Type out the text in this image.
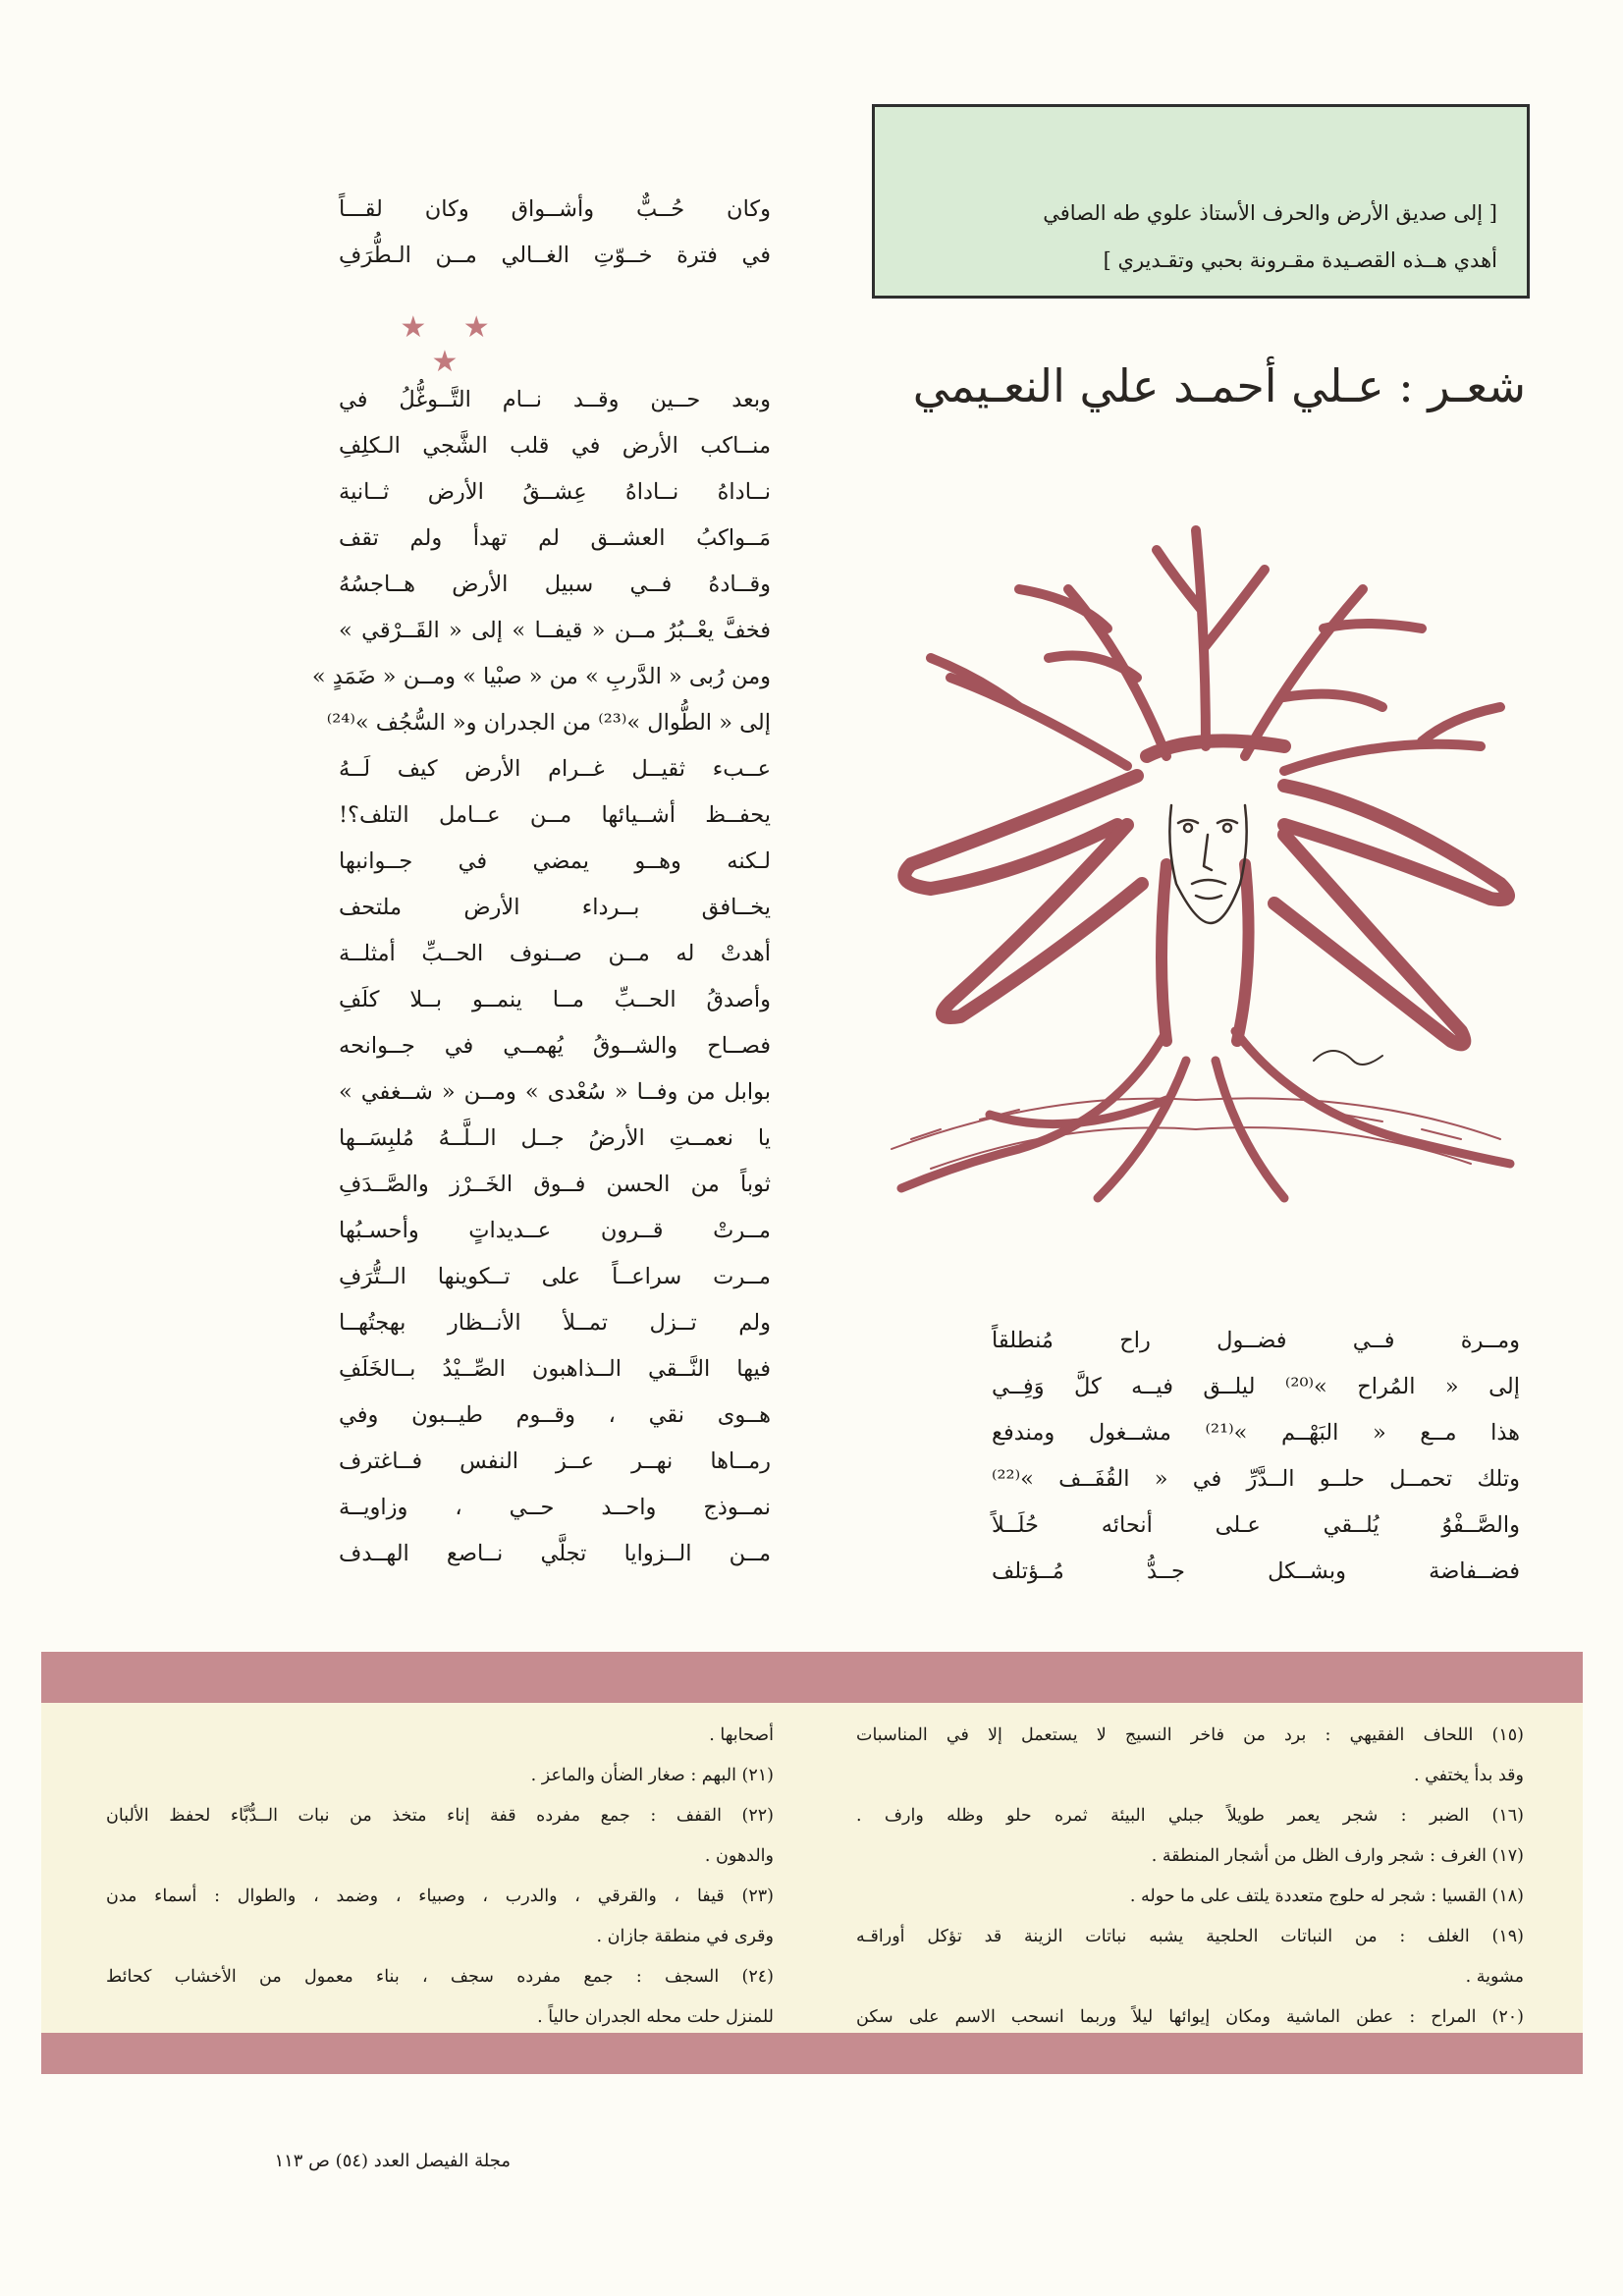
[ إلى صديق الأرض والحرف الأستاذ علوي طه الصافي
أهدي هــذه القصـيدة مقـرونة بحبي وتقـديري ]
شعـر : عـلي أحمـد علي النعـيمي
وكان حُــبٌّ وأشــواق وكان لقـــاً
في فترة خــوّتِ الغــالي مــن الـطُّرَفِ
★ ★ ★
وبعد حــين وقــد نــام التَّــوغُّلُ في
منــاكب الأرض في قلب الشَّجي الـكلِفِ
نــاداهُ نــاداهُ عِشــقُ الأرض ثــانية
مَــواكبُ العشــق لم تهدأ ولم تقف
وقــادهُ فــي سبيل الأرض هــاجسُهُ
فخفَّ يعْــبُرُ مــن « قيفــا » إلى « القَــرْقي »
ومن رُبى « الدَّربِ » من « صبْيا » ومــن « ضَمَدٍ »
إلى « الطُّوال »⁽²³⁾ من الجدران و« السُّجُف »⁽²⁴⁾
عــبء ثقيــل غــرام الأرض كيف لَــهُ
يحفــظ أشــيائها مــن عــامل التلف؟!
لـكنه وهــو يمضي في جــوانبها
يخــافق بــرداء الأرض ملتحف
أهدتْ له مــن صــنوف الحــبِّ أمثلــة
وأصدقُ الحــبِّ مــا ينمــو بــلا كلَفِ
فصــاح والشــوقُ يُهمــي في جــوانحه
بوابل من وفــا « سُعْدى » ومــن « شــغفي »
يا نعمــتِ الأرضُ جــل الــلَّــهُ مُلبِسَــها
ثوباً من الحسن فــوق الخَــرْز والصَّــدَفِ
مــرتْ قــرون عــديداتٍ وأحسـبُها
مــرت سراعــاً على تــكوينها الــتُّرَفِ
ولم تــزل تمــلأ الأنــظار بهجتُهــا
فيها النَّــقي الــذاهبون الصِّــيْدُ بــالخَلَفِ
هــوى نقي ، وقــوم طيــبون وفي
رمــاها نهــر عــز النفس فــاغترف
نمــوذج واحــد حــي ، وزاويــة
مــن الــزوايا تجلَّي نــاصع الهــدف
ومــرة فــي فضــول راح مُنطلقاً
إلى « المُراح »⁽²⁰⁾ ليلــق فيــه كلَّ وَفِــي
هذا مــع « البَهْــم »⁽²¹⁾ مشــغول ومندفع
وتلك تحمــل حلــو الــدَّرِّ في « القُفَــف »⁽²²⁾
والصَّــفْوُ يُلــقي عـلى أنحائه حُلَــلاً
فضــفاضة وبشــكل جــدُّ مُــؤتلف
(١٥) اللحاف الفقيهي : برد من فاخر النسيج لا يستعمل إلا في المناسبات
وقد بدأ يختفي .
(١٦) الضبر : شجر يعمر طويلاً جبلي البيئة ثمره حلو وظله وارف .
(١٧) الغرف : شجر وارف الظل من أشجار المنطقة .
(١٨) القسيا : شجر له حلوج متعددة يلتف على ما حوله .
(١٩) الغلف : من النباتات الحلجية يشبه نباتات الزينة قد تؤكل أوراقـه
مشوية .
(٢٠) المراح : عطن الماشية ومكان إيوائها ليلاً وربما انسحب الاسم على سكن
أصحابها .
(٢١) البهم : صغار الضأن والماعز .
(٢٢) القفف : جمع مفرده قفة إناء متخذ من نبات الــدُّبَّاء لحفظ الألبان
والدهون .
(٢٣) قيفا ، والقرقي ، والدرب ، وصبياء ، وضمد ، والطوال : أسماء مدن
وقرى في منطقة جازان .
(٢٤) السجف : جمع مفرده سجف ، بناء معمول من الأخشاب كحائط
للمنزل حلت محله الجدران حالياً .
مجلة الفيصل العدد (٥٤) ص ١١٣
